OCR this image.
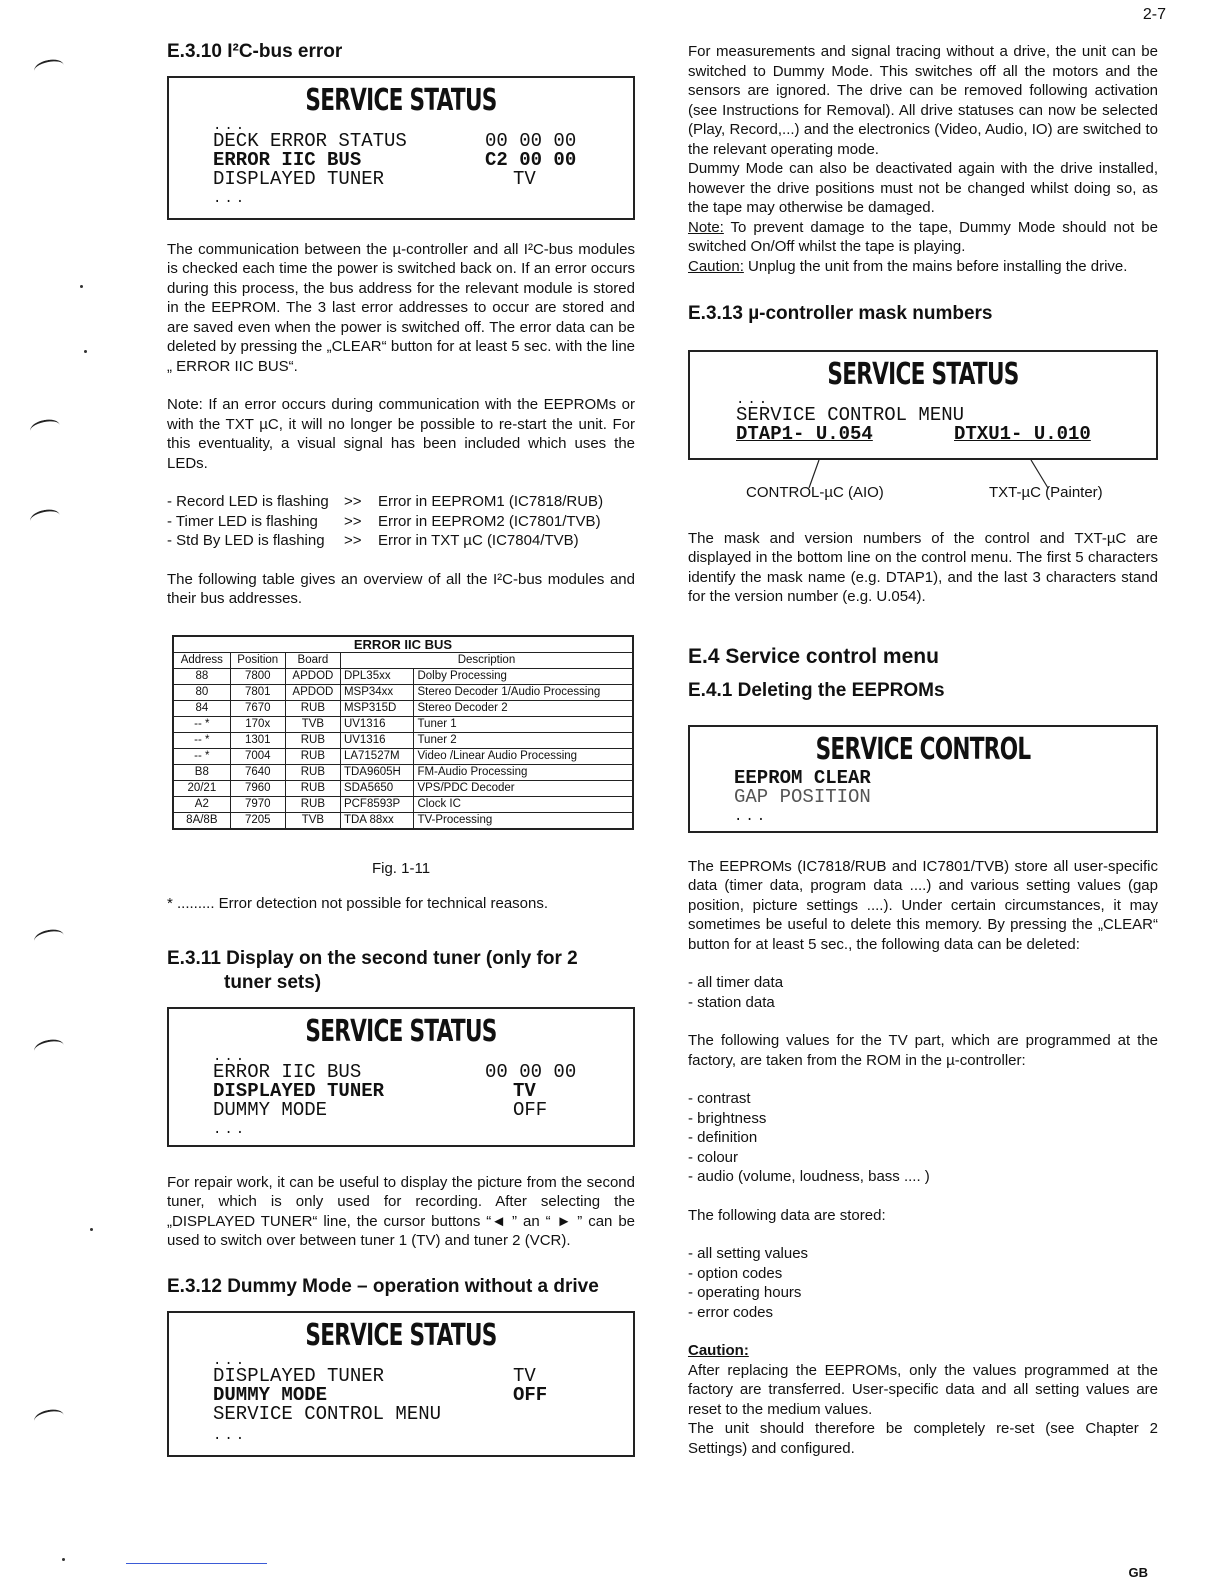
2-7
GB
E.3.10 I²C-bus error
SERVICE STATUS
...
DECK ERROR STATUS	00 00 00
ERROR IIC BUS	C2 00 00
DISPLAYED TUNER	TV
...

The communication between the µ-controller and all I²C-bus modules is checked each time the power is switched back on. If an error occurs during this process, the bus address for the relevant module is stored in the EEPROM. The 3 last error addresses to occur are stored and are saved even when the power is switched off. The error data can be deleted by pressing the „CLEAR“ button for at least 5 sec. with the line „ ERROR IIC BUS“.

Note: If an error occurs during communication with the EEPROMs or with the TXT µC, it will no longer be possible to re-start the unit. For this eventuality, a visual signal has been included which uses the LEDs.

- Record LED is flashing	>>	Error in EEPROM1 (IC7818/RUB)
- Timer LED is flashing	>>	Error in EEPROM2 (IC7801/TVB)
- Std By LED is flashing	>>	Error in TXT µC (IC7804/TVB)

The following table gives an overview of all the I²C-bus modules and their bus addresses.

ERROR IIC BUS				
Address	Position	Board	Description	
88	7800	APDOD	DPL35xx	Dolby Processing
80	7801	APDOD	MSP34xx	Stereo Decoder 1/Audio Processing
84	7670	RUB	MSP315D	Stereo Decoder 2
-- *	170x	TVB	UV1316	Tuner 1
-- *	1301	RUB	UV1316	Tuner 2
-- *	7004	RUB	LA71527M	Video /Linear Audio Processing
B8	7640	RUB	TDA9605H	FM-Audio Processing
20/21	7960	RUB	SDA5650	VPS/PDC Decoder
A2	7970	RUB	PCF8593P	Clock IC
8A/8B	7205	TVB	TDA 88xx	TV-Processing
Fig. 1-11

* ......... Error detection not possible for technical reasons.

E.3.11 Display on the second tuner (only for 2
tuner sets)
SERVICE STATUS
...
ERROR IIC BUS	00 00 00
DISPLAYED TUNER	TV
DUMMY MODE	OFF
...

For repair work, it can be useful to display the picture from the second tuner, which is only used for recording. After selecting the „DISPLAYED TUNER“ line, the cursor buttons “◄ ” an “ ► ” can be used to switch over between tuner 1 (TV) and tuner 2 (VCR).

E.3.12 Dummy Mode – operation without a drive
SERVICE STATUS
...
DISPLAYED TUNER	TV
DUMMY MODE	OFF
SERVICE CONTROL MENU
...

For measurements and signal tracing without a drive, the unit can be switched to Dummy Mode. This switches off all the motors and the sensors are ignored. The drive can be removed following activation (see Instructions for Removal). All drive statuses can now be selected (Play, Record,...) and the electronics (Video, Audio, IO) are switched to the relevant operating mode.

Dummy Mode can also be deactivated again with the drive installed, however the drive positions must not be changed whilst doing so, as the tape may otherwise be damaged.

Note: To prevent damage to the tape, Dummy Mode should not be switched On/Off whilst the tape is playing.

Caution: Unplug the unit from the mains before installing the drive.

E.3.13 µ-controller mask numbers
SERVICE STATUS
...
SERVICE CONTROL MENU
DTAP1- U.054	DTXU1- U.010
CONTROL-µC (AIO)	TXT-µC (Painter)

The mask and version numbers of the control and TXT-µC are displayed in the bottom line on the control menu. The first 5 characters identify the mask name (e.g. DTAP1), and the last 3 characters stand for the version number (e.g. U.054).

E.4 Service control menu
E.4.1 Deleting the EEPROMs
SERVICE CONTROL
EEPROM CLEAR
GAP POSITION
...

The EEPROMs (IC7818/RUB and IC7801/TVB) store all user-specific data (timer data, program data ....) and various setting values (gap position, picture settings ....). Under certain circumstances, it may sometimes be useful to delete this memory. By pressing the „CLEAR“ button for at least 5 sec., the following data can be deleted:

- all timer data
- station data

The following values for the TV part, which are programmed at the factory, are taken from the ROM in the µ-controller:

- contrast
- brightness
- definition
- colour
- audio (volume, loudness, bass .... )

The following data are stored:

- all setting values
- option codes
- operating hours
- error codes

Caution:

After replacing the EEPROMs, only the values programmed at the factory are transferred. User-specific data and all setting values are reset to the medium values.

The unit should therefore be completely re-set (see Chapter 2 Settings) and configured.
